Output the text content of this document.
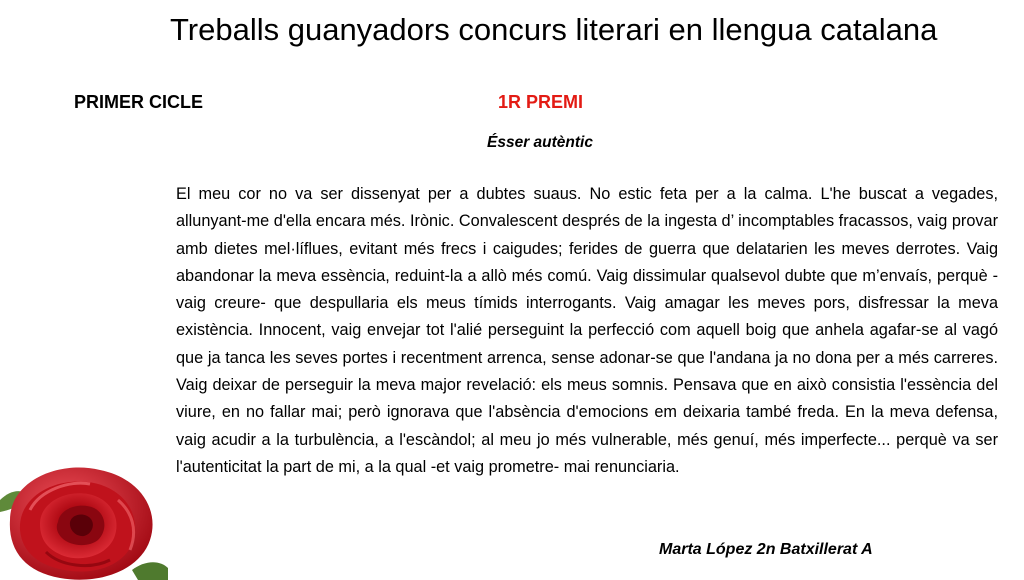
Treballs guanyadors concurs literari en llengua catalana
PRIMER CICLE	1R PREMI
Ésser autèntic

El meu cor no va ser dissenyat per a dubtes suaus. No estic feta per a la calma. L'he buscat a vegades, allunyant-me d'ella encara més. Irònic. Convalescent després de la ingesta d’ incomptables fracassos, vaig provar amb dietes mel·líflues, evitant més frecs i caigudes; ferides de guerra que delatarien les meves derrotes. Vaig abandonar la meva essència, reduint-la a allò més comú. Vaig dissimular qualsevol dubte que m’envaís, perquè -vaig creure- que despullaria els meus tímids interrogants. Vaig amagar les meves pors, disfressar la meva existència. Innocent, vaig envejar tot l'alié perseguint la perfecció com aquell boig que anhela agafar-se al vagó que ja tanca les seves portes i recentment arrenca, sense adonar-se que l'andana ja no dona per a més carreres. Vaig deixar de perseguir la meva major revelació: els meus somnis. Pensava que en això consistia l'essència del viure, en no fallar mai; però ignorava que l'absència d'emocions em deixaria també freda. En la meva defensa, vaig acudir a la turbulència, a l'escàndol; al meu jo més vulnerable, més genuí, més imperfecte... perquè va ser l'autenticitat la part de mi, a la qual -et vaig prometre- mai renunciaria.

Marta López 2n Batxillerat A
